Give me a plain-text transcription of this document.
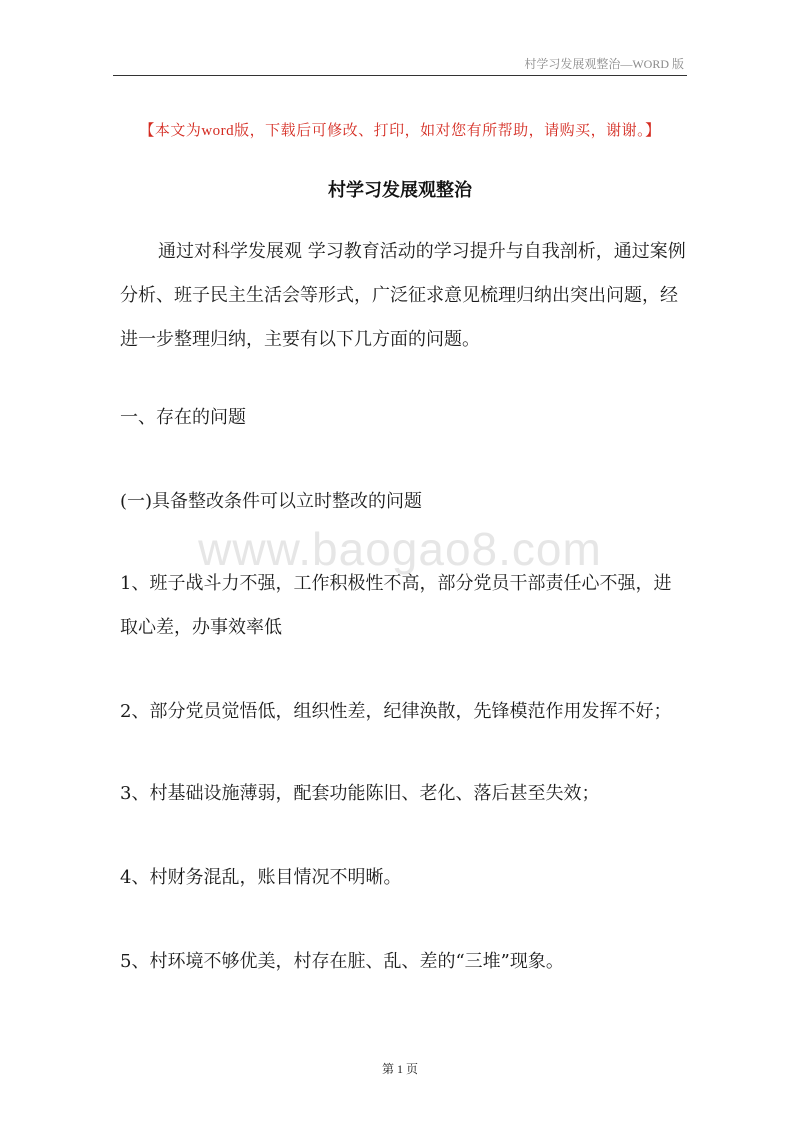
村学习发展观整治—WORD 版
【本文为word版，下载后可修改、打印，如对您有所帮助，请购买，谢谢。】
村学习发展观整治

通过对科学发展观 学习教育活动的学习提升与自我剖析，通过案例分析、班子民主生活会等形式，广泛征求意见梳理归纳出突出问题，经进一步整理归纳，主要有以下几方面的问题。

一、存在的问题

(一)具备整改条件可以立时整改的问题

www.baogao8.com

1、班子战斗力不强，工作积极性不高，部分党员干部责任心不强，进取心差，办事效率低

2、部分党员觉悟低，组织性差，纪律涣散，先锋模范作用发挥不好；

3、村基础设施薄弱，配套功能陈旧、老化、落后甚至失效；

4、村财务混乱，账目情况不明晰。

5、村环境不够优美，村存在脏、乱、差的“三堆”现象。

第 1 页
